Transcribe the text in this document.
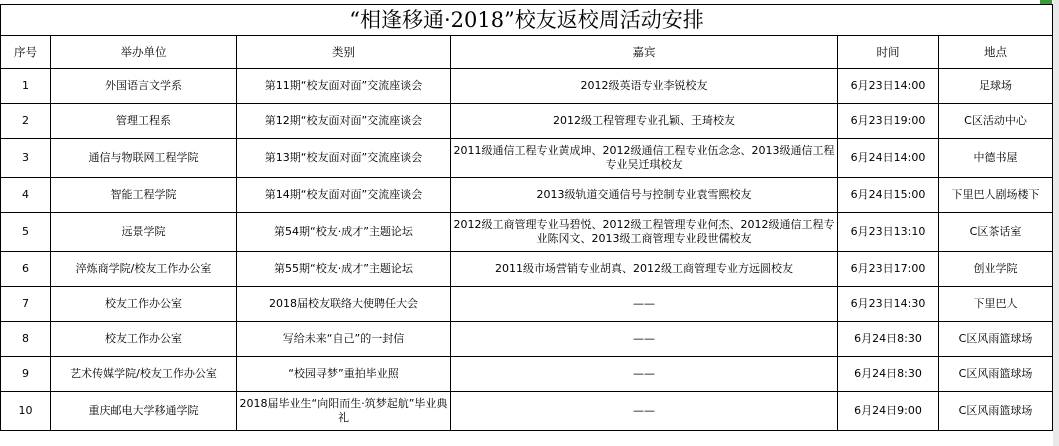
“相逢移通·2018”校友返校周活动安排					
序号	举办单位	类别	嘉宾	时间	地点
1	外国语言文学系	第11期“校友面对面”交流座谈会	2012级英语专业李锐校友	6月23日14:00	足球场
2	管理工程系	第12期“校友面对面”交流座谈会	2012级工程管理专业孔颖、王琦校友	6月23日19:00	C区活动中心
3	通信与物联网工程学院	第13期“校友面对面”交流座谈会	2011级通信工程专业黄成坤、2012级通信工程专业伍念念、2013级通信工程专业吴迁琪校友	6月24日14:00	中德书屋
4	智能工程学院	第14期“校友面对面”交流座谈会	2013级轨道交通信号与控制专业袁雪熙校友	6月24日15:00	下里巴人剧场楼下
5	远景学院	第54期“校友·成才”主题论坛	2012级工商管理专业马碧悦、2012级工程管理专业何杰、2012级通信工程专业陈冈文、2013级工商管理专业段世儒校友	6月23日13:10	C区茶话室
6	淬炼商学院/校友工作办公室	第55期“校友·成才”主题论坛	2011级市场营销专业胡真、2012级工商管理专业方远圆校友	6月23日17:00	创业学院
7	校友工作办公室	2018届校友联络大使聘任大会	——	6月23日14:30	下里巴人
8	校友工作办公室	写给未来“自己”的一封信	——	6月24日8:30	C区风雨篮球场
9	艺术传媒学院/校友工作办公室	“校园寻梦”重拍毕业照	——	6月24日8:30	C区风雨篮球场
10	重庆邮电大学移通学院	2018届毕业生“向阳而生·筑梦起航”毕业典礼	——	6月24日9:00	C区风雨篮球场
